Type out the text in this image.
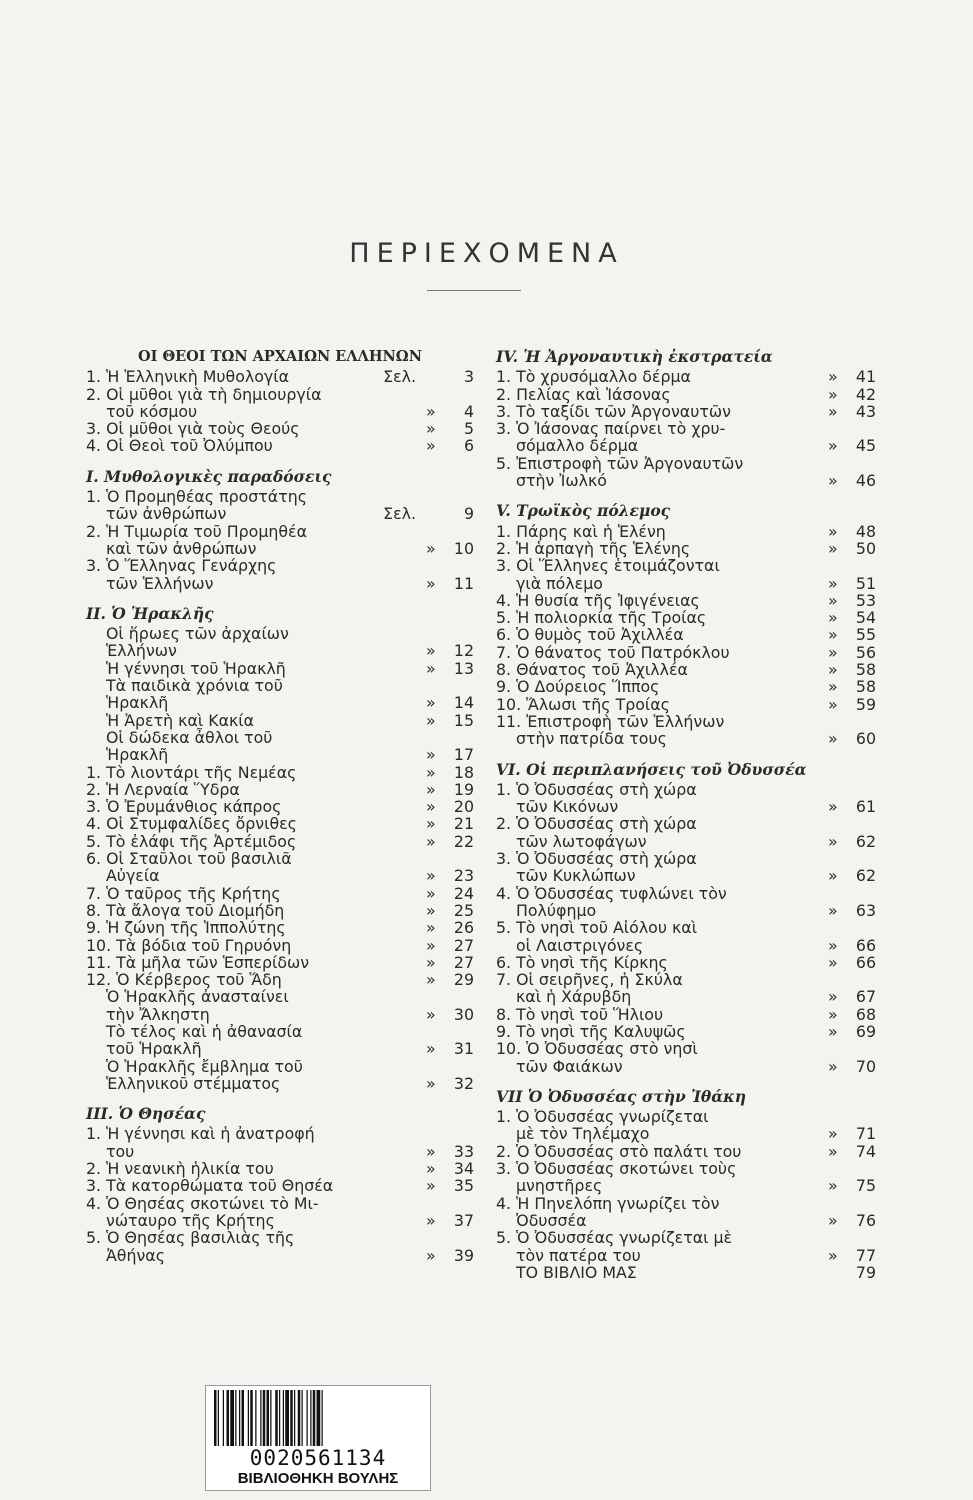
ΠΕΡΙΕΧΟΜΕΝΑ
ΟΙ ΘΕΟΙ ΤΩΝ ΑΡΧΑΙΩΝ ΕΛΛΗΝΩΝ
1. Ἡ Ἑλληνικὴ Μυθολογία	Σελ.	3
2. Οἱ μῦθοι γιὰ τὴ δημιουργία
τοῦ κόσμου	» 4
3. Οἱ μῦθοι γιὰ τοὺς Θεούς	» 5
4. Οἱ Θεοὶ τοῦ Ὀλύμπου	» 6
Ι. Μυθολογικὲς παραδόσεις
1. Ὁ Προμηθέας προστάτης
τῶν ἀνθρώπων	Σελ.	9
2. Ἡ Τιμωρία τοῦ Προμηθέα
καὶ τῶν ἀνθρώπων	» 10
3. Ὁ Ἕλληνας Γενάρχης
τῶν Ἑλλήνων	» 11
ΙΙ. Ὁ Ἡρακλῆς
Οἱ ἥρωες τῶν ἀρχαίων
Ἑλλήνων	» 12
Ἡ γέννησι τοῦ Ἡρακλῆ	» 13
Τὰ παιδικὰ χρόνια τοῦ
Ἡρακλῆ	» 14
Ἡ Ἀρετὴ καὶ Κακία	» 15
Οἱ δώδεκα ἆθλοι τοῦ
Ἡρακλῆ	» 17
1. Τὸ λιοντάρι τῆς Νεμέας	» 18
2. Ἡ Λερναία Ὕδρα	» 19
3. Ὁ Ἐρυμάνθιος κάπρος	» 20
4. Οἱ Στυμφαλίδες ὄρνιθες	» 21
5. Τὸ ἐλάφι τῆς Ἀρτέμιδος	» 22
6. Οἱ Σταῦλοι τοῦ βασιλιᾶ
Αὐγεία	» 23
7. Ὁ ταῦρος τῆς Κρήτης	» 24
8. Τὰ ἄλογα τοῦ Διομήδη	» 25
9. Ἡ ζώνη τῆς Ἱππολύτης	» 26
10. Τὰ βόδια τοῦ Γηρυόνη	» 27
11. Τὰ μῆλα τῶν Ἑσπερίδων	» 27
12. Ὁ Κέρβερος τοῦ Ἅδη	» 29
Ὁ Ἡρακλῆς ἀνασταίνει
τὴν Ἄλκηστη	» 30
Τὸ τέλος καὶ ἡ ἀθανασία
τοῦ Ἡρακλῆ	» 31
Ὁ Ἡρακλῆς ἔμβλημα τοῦ
Ἑλληνικοῦ στέμματος	» 32
ΙΙΙ. Ὁ Θησέας
1. Ἡ γέννησι καὶ ἡ ἀνατροφή
του	» 33
2. Ἡ νεανικὴ ἡλικία του	» 34
3. Τὰ κατορθώματα τοῦ Θησέα	» 35
4. Ὁ Θησέας σκοτώνει τὸ Μι-
νώταυρο τῆς Κρήτης	» 37
5. Ὁ Θησέας βασιλιὰς τῆς
Ἀθήνας	» 39
ΙV. Ἡ Ἀργοναυτικὴ ἐκστρατεία
1. Τὸ χρυσόμαλλο δέρμα	» 41
2. Πελίας καὶ Ἰάσονας	» 42
3. Τὸ ταξίδι τῶν Ἀργοναυτῶν	» 43
3. Ὁ Ἰάσονας παίρνει τὸ χρυ-
σόμαλλο δέρμα	» 45
5. Ἐπιστροφὴ τῶν Ἀργοναυτῶν
στὴν Ἰωλκό	» 46
V. Τρωϊκὸς πόλεμος
1. Πάρης καὶ ἡ Ἑλένη	» 48
2. Ἡ ἁρπαγὴ τῆς Ἑλένης	» 50
3. Οἱ Ἕλληνες ἑτοιμάζονται
γιὰ πόλεμο	» 51
4. Ἡ θυσία τῆς Ἰφιγένειας	» 53
5. Ἡ πολιορκία τῆς Τροίας	» 54
6. Ὁ θυμὸς τοῦ Ἀχιλλέα	» 55
7. Ὁ θάνατος τοῦ Πατρόκλου	» 56
8. Θάνατος τοῦ Ἀχιλλέα	» 58
9. Ὁ Δούρειος Ἵππος	» 58
10. Ἅλωσι τῆς Τροίας	» 59
11. Ἐπιστροφὴ τῶν Ἑλλήνων
στὴν πατρίδα τους	» 60
VI. Οἱ περιπλανήσεις τοῦ Ὀδυσσέα
1. Ὁ Ὀδυσσέας στὴ χώρα
τῶν Κικόνων	» 61
2. Ὁ Ὀδυσσέας στὴ χώρα
τῶν λωτοφάγων	» 62
3. Ὁ Ὀδυσσέας στὴ χώρα
τῶν Κυκλώπων	» 62
4. Ὁ Ὀδυσσέας τυφλώνει τὸν
Πολύφημο	» 63
5. Τὸ νησὶ τοῦ Αἰόλου καὶ
οἱ Λαιστριγόνες	» 66
6. Τὸ νησὶ τῆς Κίρκης	» 66
7. Οἱ σειρῆνες, ἡ Σκύλα
καὶ ἡ Χάρυβδη	» 67
8. Τὸ νησὶ τοῦ Ἥλιου	» 68
9. Τὸ νησὶ τῆς Καλυψῶς	» 69
10. Ὁ Ὀδυσσέας στὸ νησὶ
τῶν Φαιάκων	» 70
VII Ὁ Ὀδυσσέας στὴν Ἰθάκη
1. Ὁ Ὀδυσσέας γνωρίζεται
μὲ τὸν Τηλέμαχο	» 71
2. Ὁ Ὀδυσσέας στὸ παλάτι του	» 74
3. Ὁ Ὀδυσσέας σκοτώνει τοὺς
μνηστῆρες	» 75
4. Ἡ Πηνελόπη γνωρίζει τὸν
Ὀδυσσέα	» 76
5. Ὁ Ὀδυσσέας γνωρίζεται μὲ
τὸν πατέρα του	» 77
ΤΟ ΒΙΒΛΙΟ ΜΑΣ	79
0020561134
ΒΙΒΛΙΟΘΗΚΗ ΒΟΥΛΗΣ
